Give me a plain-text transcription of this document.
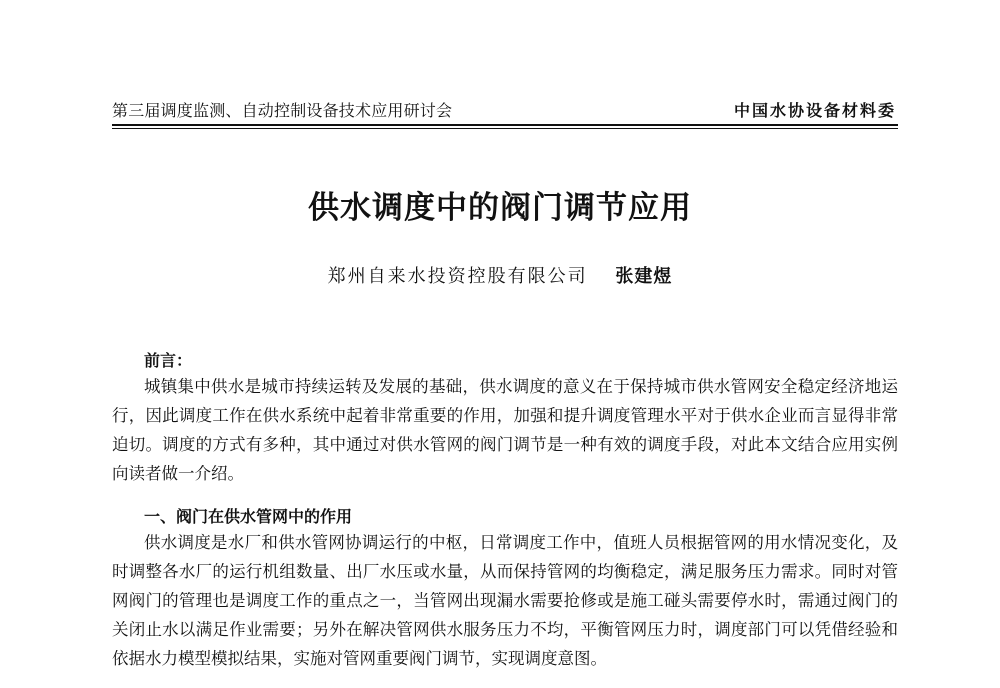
第三届调度监测、自动控制设备技术应用研讨会	中国水协设备材料委
供水调度中的阀门调节应用
郑州自来水投资控股有限公司 张建煜
前言：
城镇集中供水是城市持续运转及发展的基础，供水调度的意义在于保持城市供水管网安全稳定经济地运行，因此调度工作在供水系统中起着非常重要的作用，加强和提升调度管理水平对于供水企业而言显得非常迫切。调度的方式有多种，其中通过对供水管网的阀门调节是一种有效的调度手段，对此本文结合应用实例向读者做一介绍。
一、阀门在供水管网中的作用
供水调度是水厂和供水管网协调运行的中枢，日常调度工作中，值班人员根据管网的用水情况变化，及时调整各水厂的运行机组数量、出厂水压或水量，从而保持管网的均衡稳定，满足服务压力需求。同时对管网阀门的管理也是调度工作的重点之一，当管网出现漏水需要抢修或是施工碰头需要停水时，需通过阀门的关闭止水以满足作业需要；另外在解决管网供水服务压力不均，平衡管网压力时，调度部门可以凭借经验和依据水力模型模拟结果，实施对管网重要阀门调节，实现调度意图。
